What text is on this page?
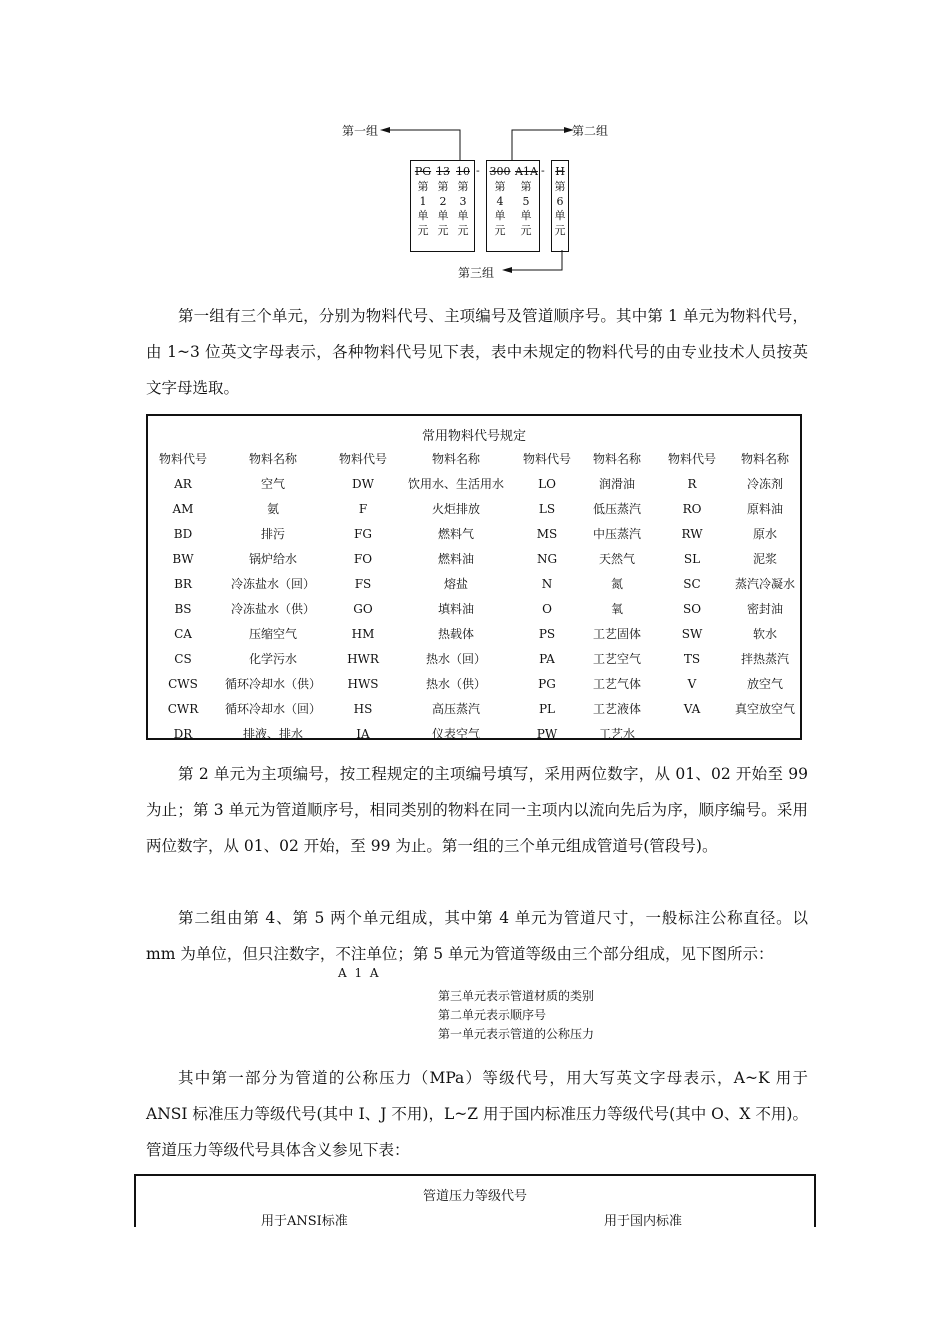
第一组	第二组
第三组
PG
第
1
单
元
13
第
2
单
元
10
第
3
单
元
- 300
第
4
单
元
A1A
第
5
单
元
- H
第
6
单
元

第一组有三个单元，分别为物料代号、主项编号及管道顺序号。其中第 1 单元为物料代号，由 1~3 位英文字母表示，各种物料代号见下表，表中未规定的物料代号的由专业技术人员按英文字母选取。

常用物料代号规定
物料代号	物料名称	物料代号	物料名称	物料代号	物料名称	物料代号	物料名称
AR	空气	DW	饮用水、生活用水	LO	润滑油	R	冷冻剂
AM	氨	F	火炬排放	LS	低压蒸汽	RO	原料油
BD	排污	FG	燃料气	MS	中压蒸汽	RW	原水
BW	锅炉给水	FO	燃料油	NG	天然气	SL	泥浆
BR	冷冻盐水（回）	FS	熔盐	N	氮	SC	蒸汽冷凝水
BS	冷冻盐水（供）	GO	填料油	O	氧	SO	密封油
CA	压缩空气	HM	热载体	PS	工艺固体	SW	软水
CS	化学污水	HWR	热水（回）	PA	工艺空气	TS	拌热蒸汽
CWS	循环冷却水（供）	HWS	热水（供）	PG	工艺气体	V	放空气
CWR	循环冷却水（回）	HS	高压蒸汽	PL	工艺液体	VA	真空放空气
DR	排液、排水	IA	仪表空气	PW	工艺水		

第 2 单元为主项编号，按工程规定的主项编号填写，采用两位数字，从 01、02 开始至 99 为止；第 3 单元为管道顺序号，相同类别的物料在同一主项内以流向先后为序，顺序编号。采用两位数字，从 01、02 开始，至 99 为止。第一组的三个单元组成管道号(管段号)。

第二组由第 4、第 5 两个单元组成，其中第 4 单元为管道尺寸，一般标注公称直径。以 mm 为单位，但只注数字，不注单位；第 5 单元为管道等级由三个部分组成，见下图所示：

A 1 A
第三单元表示管道材质的类别
第二单元表示顺序号
第一单元表示管道的公称压力

其中第一部分为管道的公称压力（MPa）等级代号，用大写英文字母表示，A~K 用于 ANSI 标准压力等级代号(其中 I、J 不用)，L~Z 用于国内标准压力等级代号(其中 O、X 不用)。管道压力等级代号具体含义参见下表：

管道压力等级代号
用于ANSI标准	用于国内标准
